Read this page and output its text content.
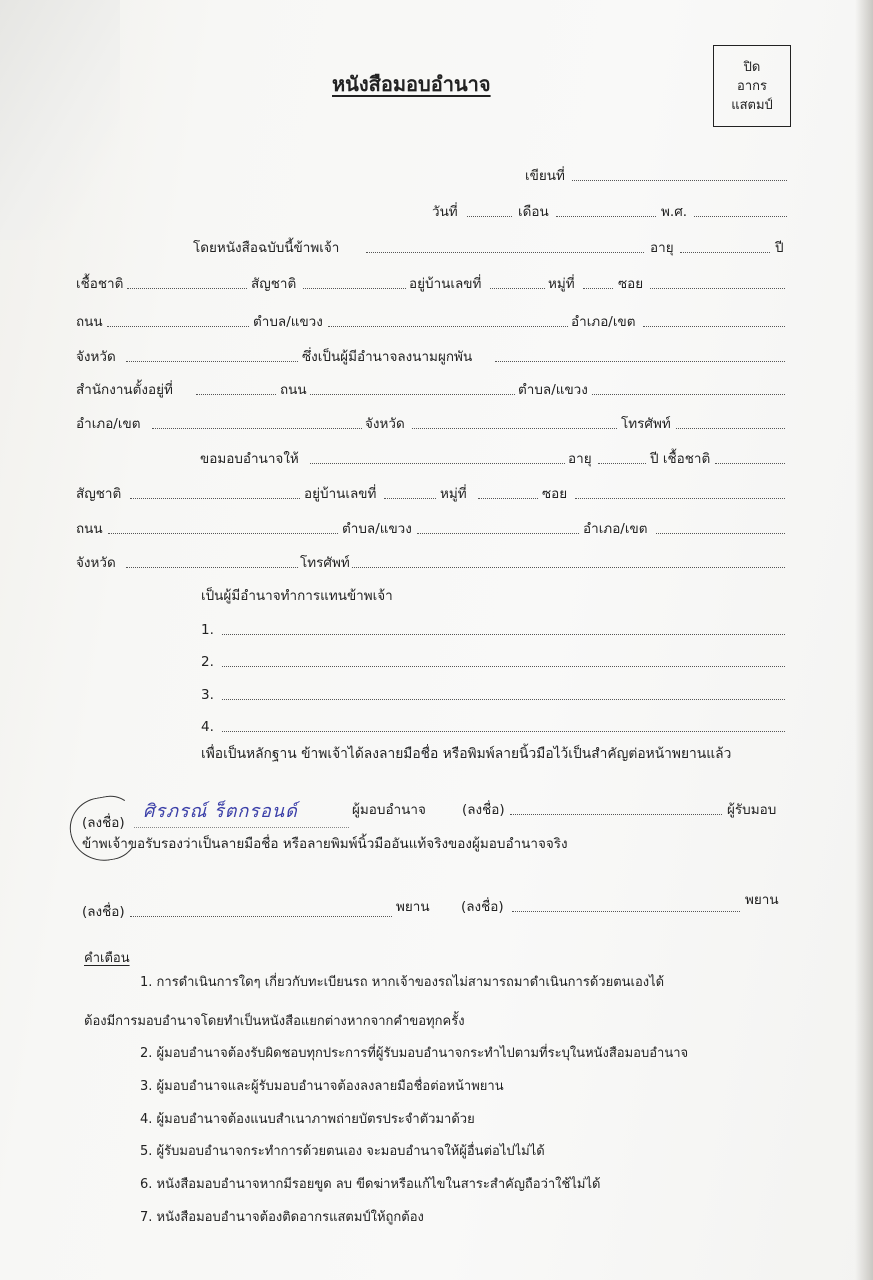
หนังสือมอบอำนาจ
ปิด
อากร
แสตมป์
เขียนที่
วันที่	เดือน	พ.ศ.
โดยหนังสือฉบับนี้ข้าพเจ้า	อายุ	ปี
เชื้อชาติ	สัญชาติ	อยู่บ้านเลขที่	หมู่ที่	ซอย
ถนน	ตำบล/แขวง	อำเภอ/เขต
จังหวัด	ซึ่งเป็นผู้มีอำนาจลงนามผูกพัน
สำนักงานตั้งอยู่ที่	ถนน	ตำบล/แขวง
อำเภอ/เขต	จังหวัด	โทรศัพท์
ขอมอบอำนาจให้	อายุ	ปี เชื้อชาติ
สัญชาติ	อยู่บ้านเลขที่	หมู่ที่	ซอย
ถนน	ตำบล/แขวง	อำเภอ/เขต
จังหวัด	โทรศัพท์
เป็นผู้มีอำนาจทำการแทนข้าพเจ้า
1.
2.
3.
4.
เพื่อเป็นหลักฐาน ข้าพเจ้าได้ลงลายมือชื่อ หรือพิมพ์ลายนิ้วมือไว้เป็นสำคัญต่อหน้าพยานแล้ว
(ลงชื่อ)
ศิรภรณ์ ร็ตกรอนด์	ผู้มอบอำนาจ	(ลงชื่อ)	ผู้รับมอบ
ข้าพเจ้าขอรับรองว่าเป็นลายมือชื่อ หรือลายพิมพ์นิ้วมืออันแท้จริงของผู้มอบอำนาจจริง
(ลงชื่อ)	พยาน (ลงชื่อ)	พยาน
คำเตือน
1. การดำเนินการใดๆ เกี่ยวกับทะเบียนรถ หากเจ้าของรถไม่สามารถมาดำเนินการด้วยตนเองได้
ต้องมีการมอบอำนาจโดยทำเป็นหนังสือแยกต่างหากจากคำขอทุกครั้ง
2. ผู้มอบอำนาจต้องรับผิดชอบทุกประการที่ผู้รับมอบอำนาจกระทำไปตามที่ระบุในหนังสือมอบอำนาจ
3. ผู้มอบอำนาจและผู้รับมอบอำนาจต้องลงลายมือชื่อต่อหน้าพยาน
4. ผู้มอบอำนาจต้องแนบสำเนาภาพถ่ายบัตรประจำตัวมาด้วย
5. ผู้รับมอบอำนาจกระทำการด้วยตนเอง จะมอบอำนาจให้ผู้อื่นต่อไปไม่ได้
6. หนังสือมอบอำนาจหากมีรอยขูด ลบ ขีดฆ่าหรือแก้ไขในสาระสำคัญถือว่าใช้ไม่ได้
7. หนังสือมอบอำนาจต้องติดอากรแสตมป์ให้ถูกต้อง
